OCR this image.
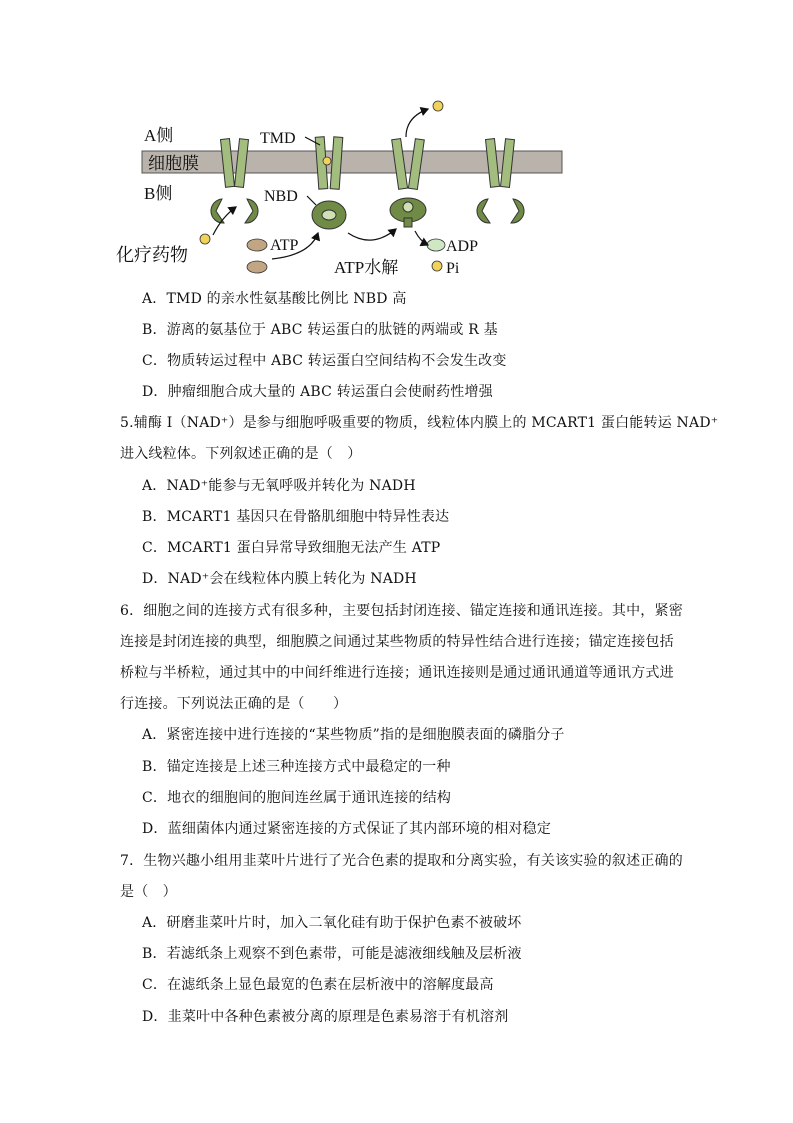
A侧
细胞膜
B侧
TMD
NBD
化疗药物	ATP
ATP水解
ADP
Pi
A．TMD 的亲水性氨基酸比例比 NBD 高
B．游离的氨基位于 ABC 转运蛋白的肽链的两端或 R 基
C．物质转运过程中 ABC 转运蛋白空间结构不会发生改变
D．肿瘤细胞合成大量的 ABC 转运蛋白会使耐药性增强
5.辅酶 I（NAD⁺）是参与细胞呼吸重要的物质，线粒体内膜上的 MCART1 蛋白能转运 NAD⁺
进入线粒体。下列叙述正确的是（　）
A．NAD⁺能参与无氧呼吸并转化为 NADH
B．MCART1 基因只在骨骼肌细胞中特异性表达
C．MCART1 蛋白异常导致细胞无法产生 ATP
D．NAD⁺会在线粒体内膜上转化为 NADH
6．细胞之间的连接方式有很多种，主要包括封闭连接、锚定连接和通讯连接。其中，紧密
连接是封闭连接的典型，细胞膜之间通过某些物质的特异性结合进行连接；锚定连接包括
桥粒与半桥粒，通过其中的中间纤维进行连接；通讯连接则是通过通讯通道等通讯方式进
行连接。下列说法正确的是（　　）
A．紧密连接中进行连接的“某些物质”指的是细胞膜表面的磷脂分子
B．锚定连接是上述三种连接方式中最稳定的一种
C．地衣的细胞间的胞间连丝属于通讯连接的结构
D．蓝细菌体内通过紧密连接的方式保证了其内部环境的相对稳定
7．生物兴趣小组用韭菜叶片进行了光合色素的提取和分离实验，有关该实验的叙述正确的
是（　）
A．研磨韭菜叶片时，加入二氧化硅有助于保护色素不被破坏
B．若滤纸条上观察不到色素带，可能是滤液细线触及层析液
C．在滤纸条上显色最宽的色素在层析液中的溶解度最高
D．韭菜叶中各种色素被分离的原理是色素易溶于有机溶剂
